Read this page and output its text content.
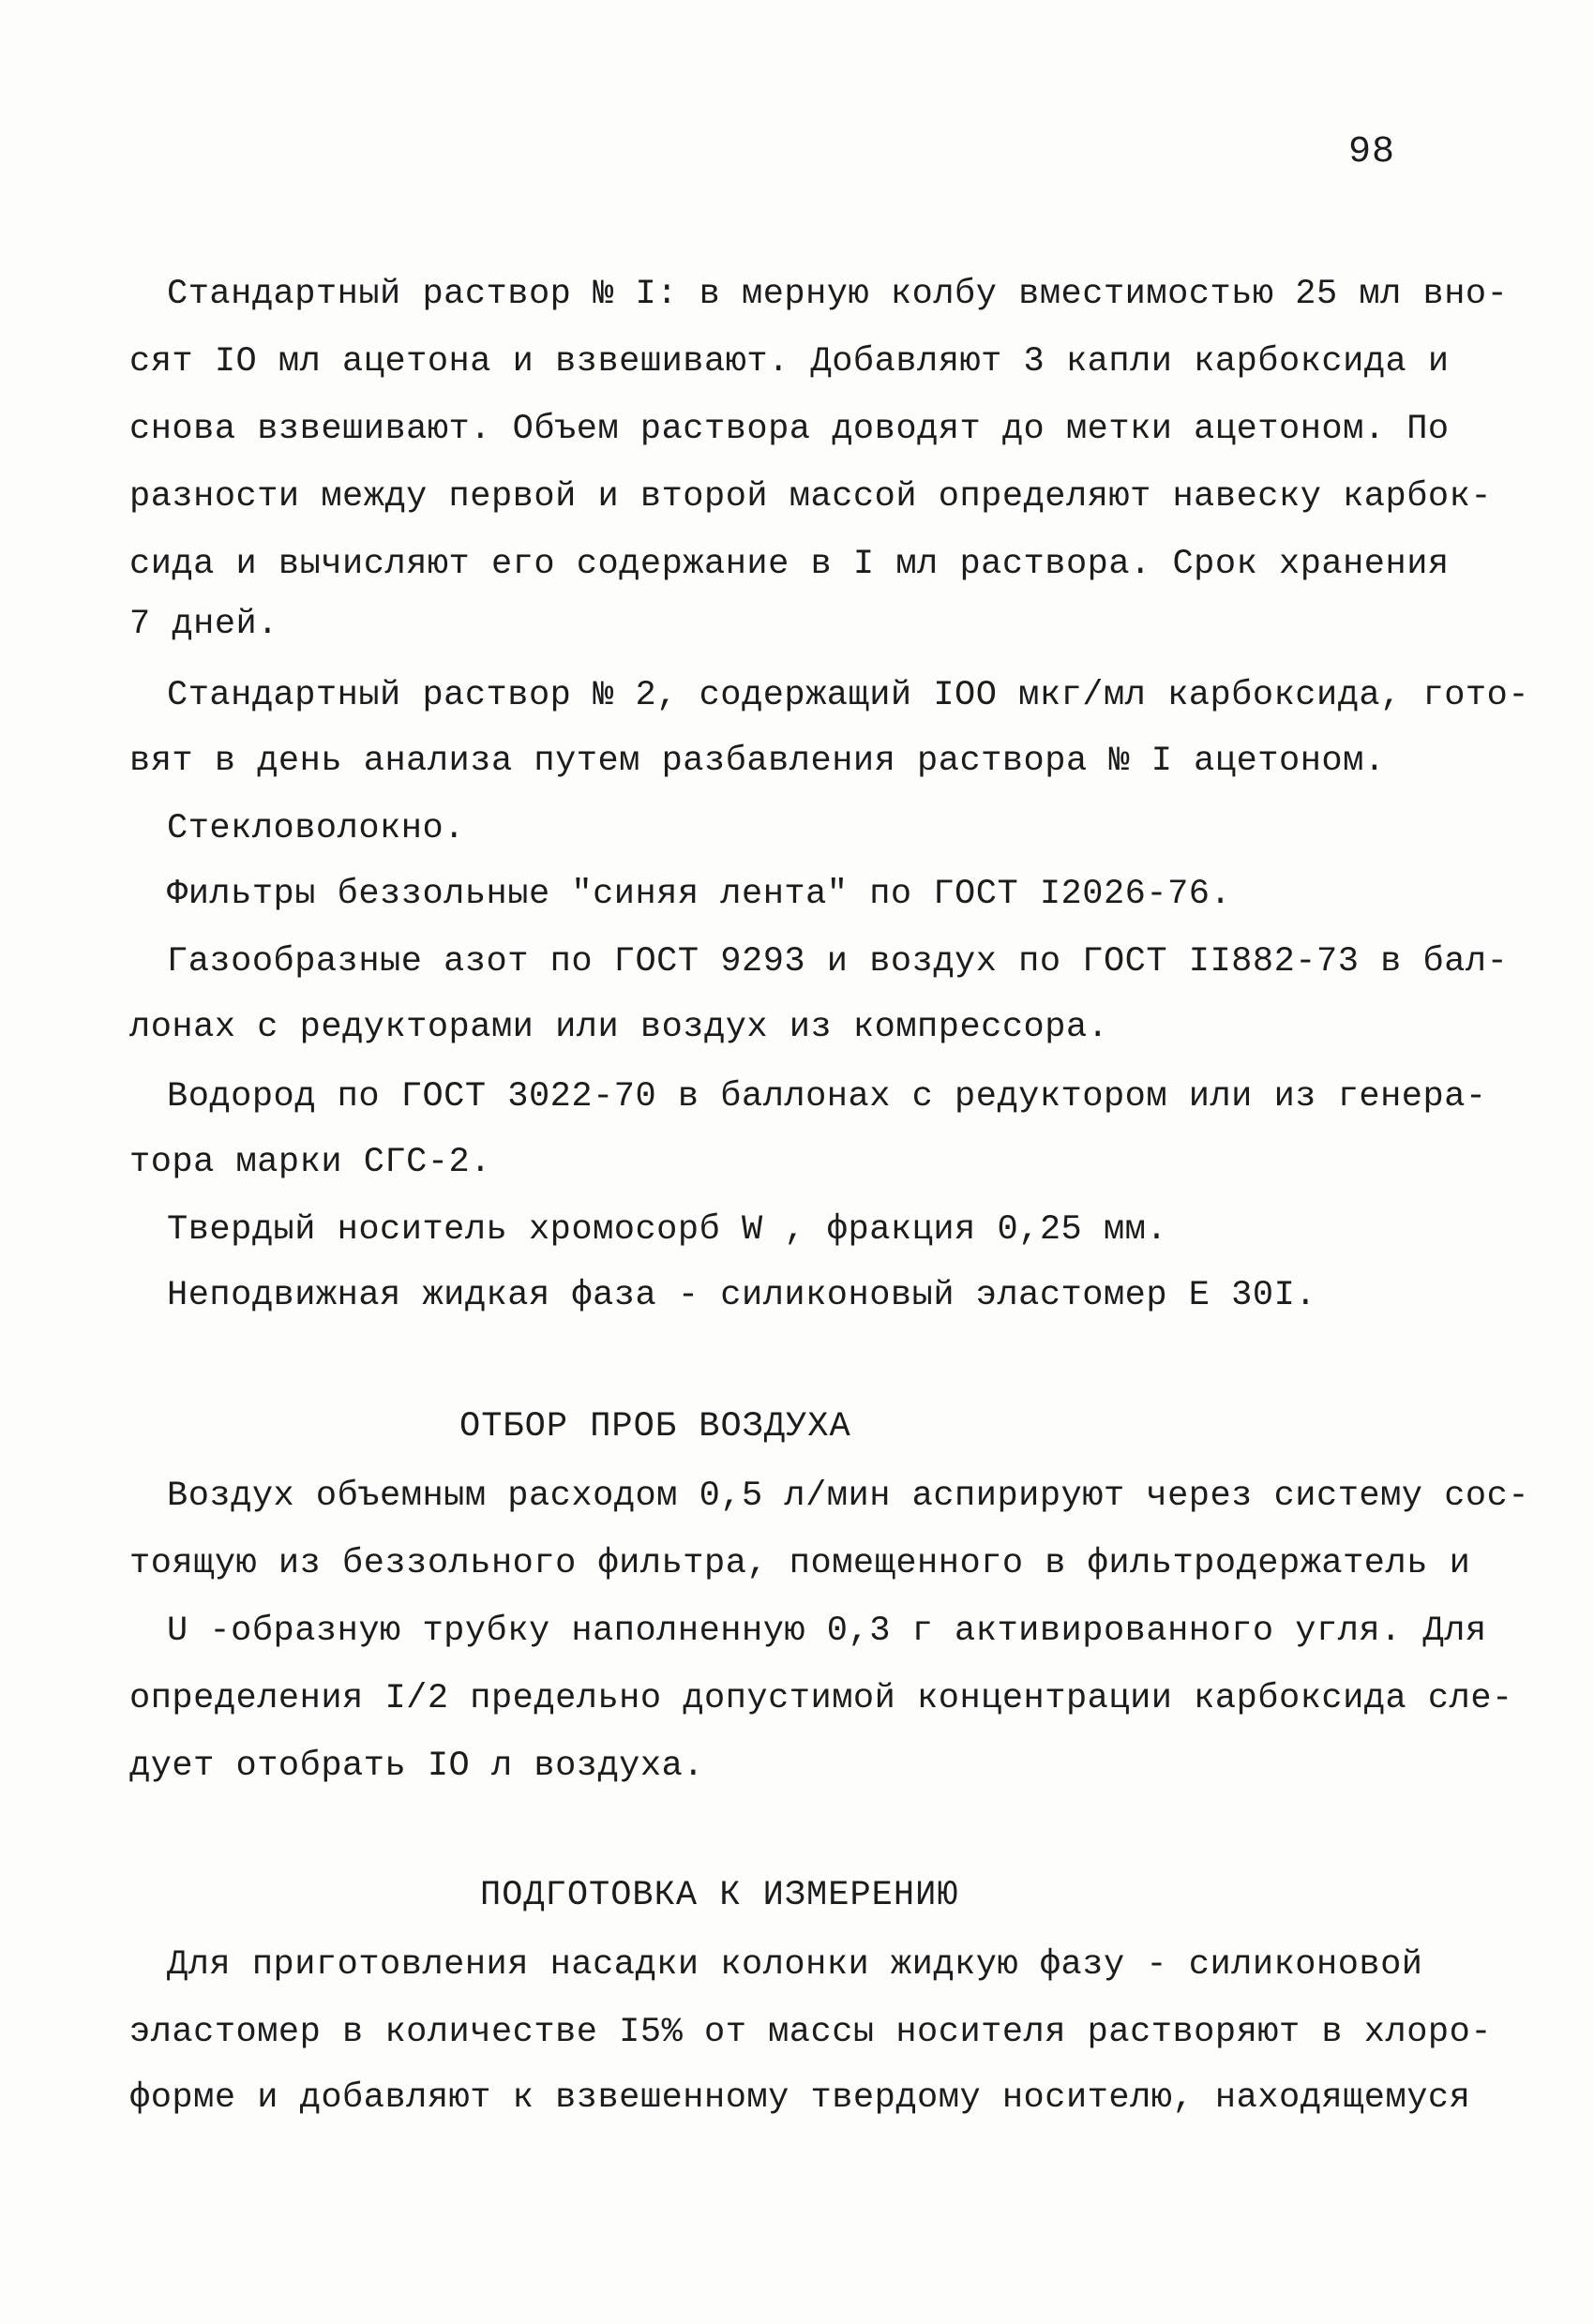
98
Стандартный раствор № I: в мерную колбу вместимостью 25 мл вно-
сят IO мл ацетона и взвешивают. Добавляют 3 капли карбоксида и
снова взвешивают. Объем раствора доводят до метки ацетоном. По
разности между первой и второй массой определяют навеску карбок-
сида и вычисляют его содержание в I мл раствора. Срок хранения
7 дней.
Стандартный раствор № 2, содержащий IOO мкг/мл карбоксида, гото-
вят в день анализа путем разбавления раствора № I ацетоном.
Стекловолокно.
Фильтры беззольные "синяя лента" по ГОСТ I2026-76.
Газообразные азот по ГОСТ 9293 и воздух по ГОСТ II882-73 в бал-
лонах с редукторами или воздух из компрессора.
Водород по ГОСТ 3022-70 в баллонах с редуктором или из генера-
тора марки СГС-2.
Твердый носитель хромосорб W , фракция 0,25 мм.
Неподвижная жидкая фаза - силиконовый эластомер Е 30I.
ОТБОР ПРОБ ВОЗДУХА
Воздух объемным расходом 0,5 л/мин аспирируют через систему сос-
тоящую из беззольного фильтра, помещенного в фильтродержатель и
U -образную трубку наполненную 0,3 г активированного угля. Для
определения I/2 предельно допустимой концентрации карбоксида сле-
дует отобрать IO л воздуха.
ПОДГОТОВКА К ИЗМЕРЕНИЮ
Для приготовления насадки колонки жидкую фазу - силиконовой
эластомер в количестве I5% от массы носителя растворяют в хлоро-
форме и добавляют к взвешенному твердому носителю, находящемуся
